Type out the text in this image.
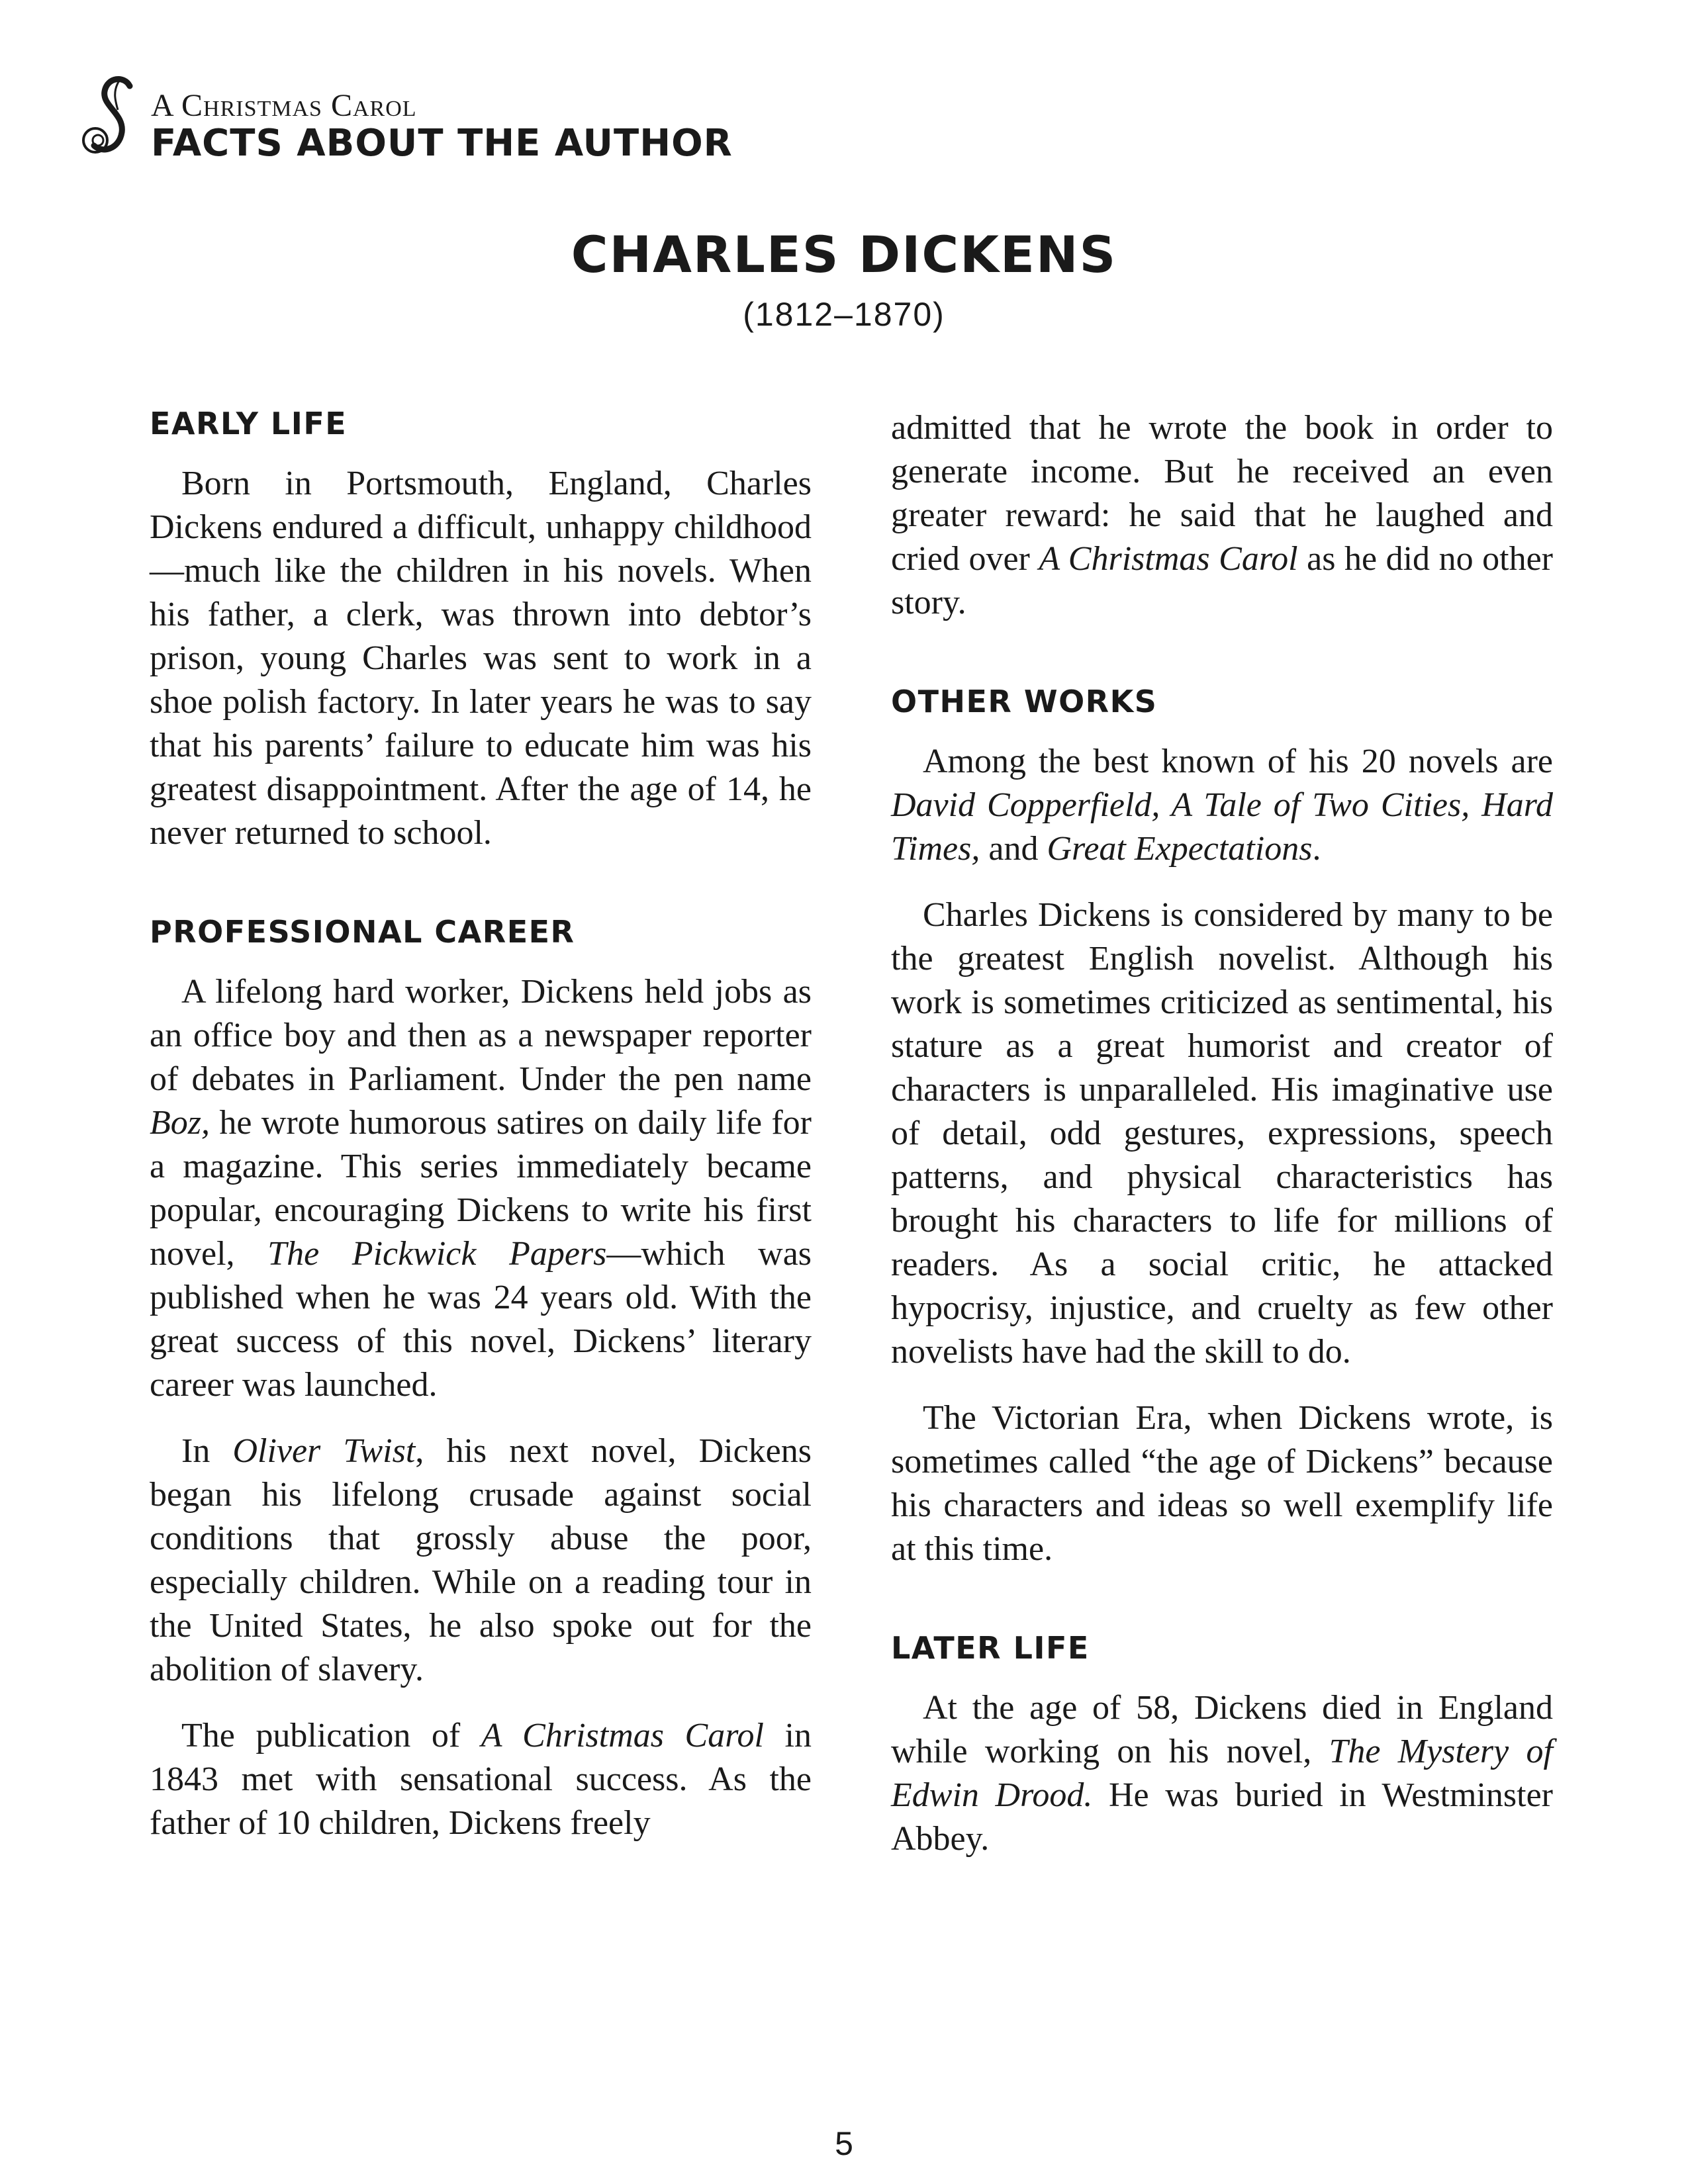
A Christmas Carol
FACTS ABOUT THE AUTHOR
CHARLES DICKENS
(1812–1870)
EARLY LIFE

Born in Portsmouth, England, Charles Dickens endured a difficult, unhappy childhood—much like the children in his novels. When his father, a clerk, was thrown into debtor’s prison, young Charles was sent to work in a shoe polish factory. In later years he was to say that his parents’ failure to educate him was his greatest disappointment. After the age of 14, he never returned to school.

PROFESSIONAL CAREER

A lifelong hard worker, Dickens held jobs as an office boy and then as a newspaper reporter of debates in Parliament. Under the pen name Boz, he wrote humorous satires on daily life for a magazine. This series immediately became popular, encouraging Dickens to write his first novel, The Pickwick Papers—which was published when he was 24 years old. With the great success of this novel, Dickens’ literary career was launched.

In Oliver Twist, his next novel, Dickens began his lifelong crusade against social conditions that grossly abuse the poor, especially children. While on a reading tour in the United States, he also spoke out for the abolition of slavery.

The publication of A Christmas Carol in 1843 met with sensational success. As the father of 10 children, Dickens freely

admitted that he wrote the book in order to generate income. But he received an even greater reward: he said that he laughed and cried over A Christmas Carol as he did no other story.

OTHER WORKS

Among the best known of his 20 novels are David Copperfield, A Tale of Two Cities, Hard Times, and Great Expectations.

Charles Dickens is considered by many to be the greatest English novelist. Although his work is sometimes criticized as sentimental, his stature as a great humorist and creator of characters is unparalleled. His imaginative use of detail, odd gestures, expressions, speech patterns, and physical characteristics has brought his characters to life for millions of readers. As a social critic, he attacked hypocrisy, injustice, and cruelty as few other novelists have had the skill to do.

The Victorian Era, when Dickens wrote, is sometimes called “the age of Dickens” because his characters and ideas so well exemplify life at this time.

LATER LIFE

At the age of 58, Dickens died in England while working on his novel, The Mystery of Edwin Drood. He was buried in Westminster Abbey.

5
